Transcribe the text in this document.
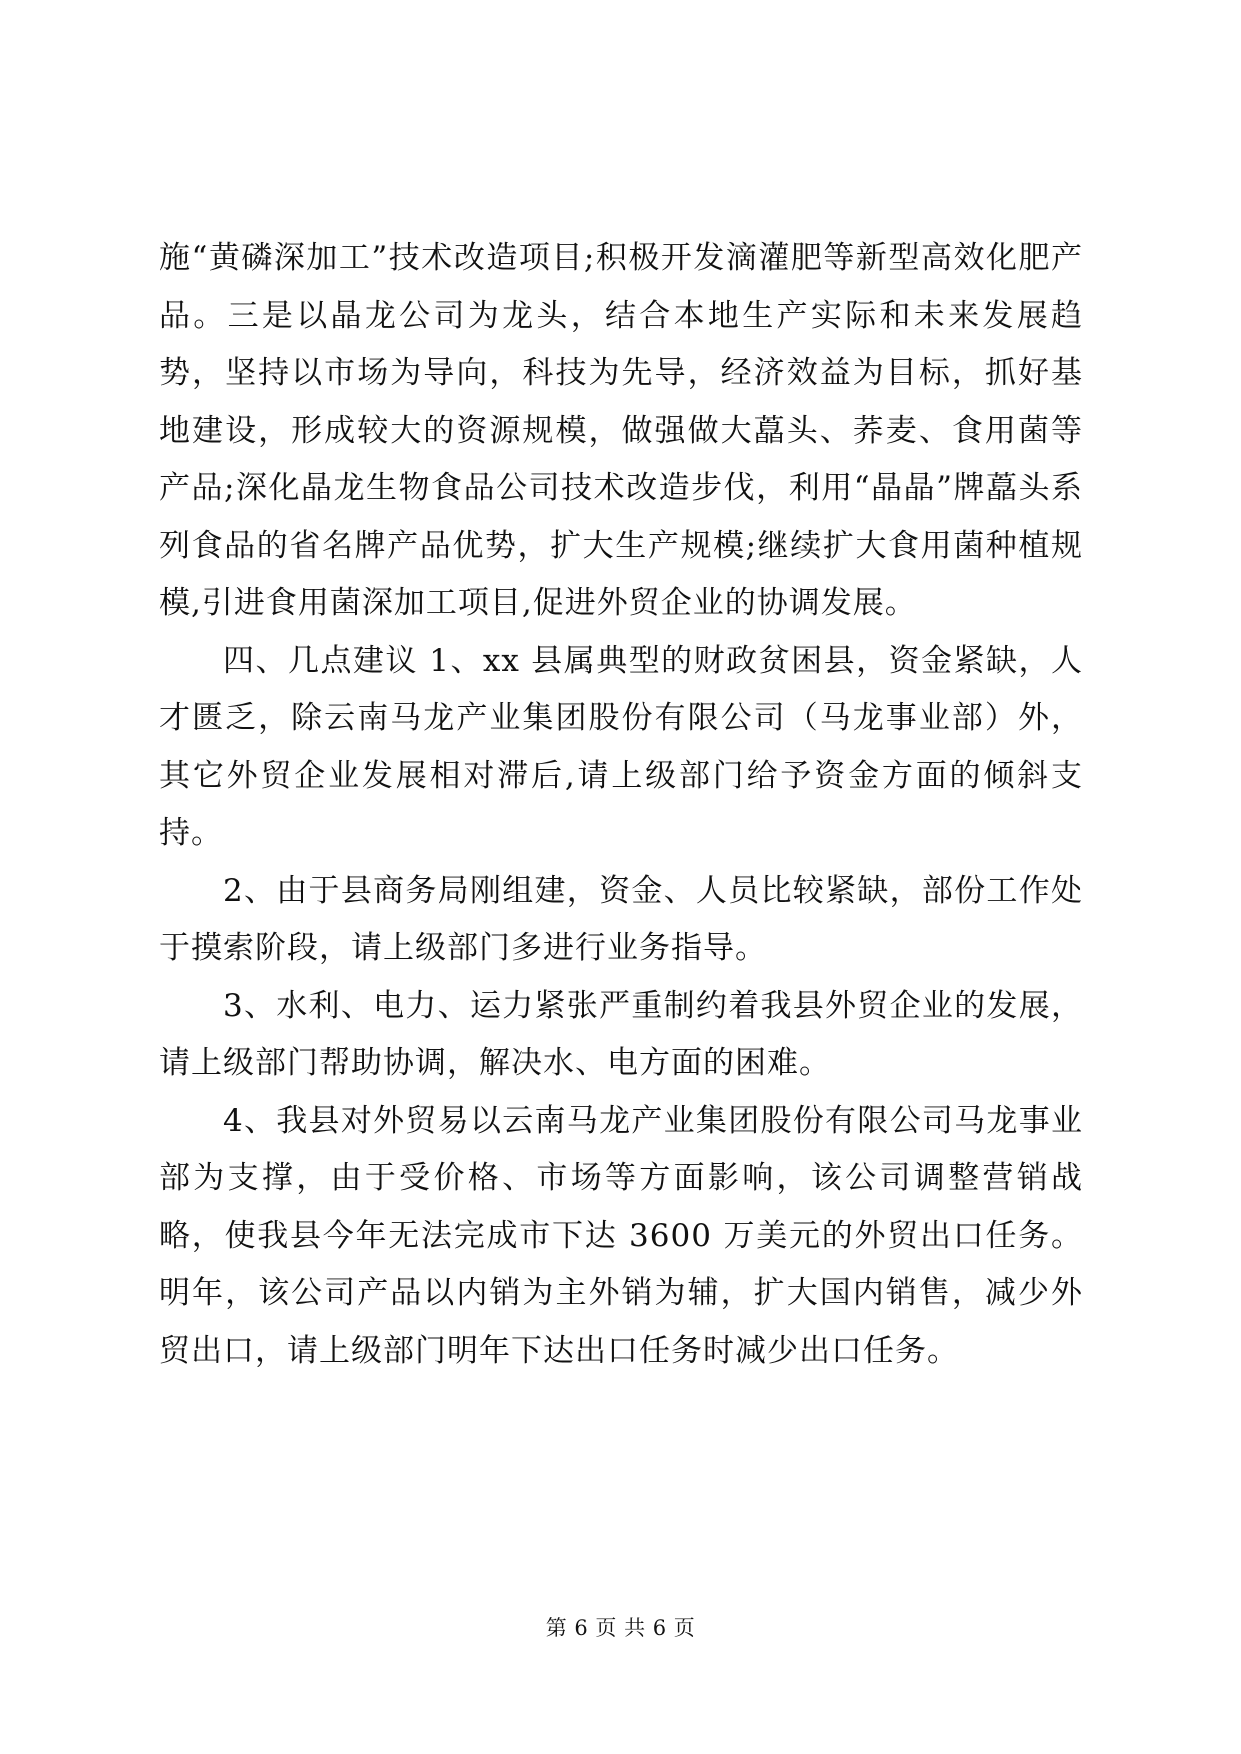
施“黄磷深加工”技术改造项目;积极开发滴灌肥等新型高效化肥产品。三是以晶龙公司为龙头，结合本地生产实际和未来发展趋势，坚持以市场为导向，科技为先导，经济效益为目标，抓好基地建设，形成较大的资源规模，做强做大藠头、荞麦、食用菌等产品;深化晶龙生物食品公司技术改造步伐，利用“晶晶”牌藠头系列食品的省名牌产品优势，扩大生产规模;继续扩大食用菌种植规模,引进食用菌深加工项目,促进外贸企业的协调发展。

四、几点建议 1、xx 县属典型的财政贫困县，资金紧缺，人才匮乏，除云南马龙产业集团股份有限公司（马龙事业部）外，其它外贸企业发展相对滞后,请上级部门给予资金方面的倾斜支持。

2、由于县商务局刚组建，资金、人员比较紧缺，部份工作处于摸索阶段，请上级部门多进行业务指导。

3、水利、电力、运力紧张严重制约着我县外贸企业的发展，请上级部门帮助协调，解决水、电方面的困难。

4、我县对外贸易以云南马龙产业集团股份有限公司马龙事业部为支撑，由于受价格、市场等方面影响，该公司调整营销战略，使我县今年无法完成市下达 3600 万美元的外贸出口任务。明年，该公司产品以内销为主外销为辅，扩大国内销售，减少外贸出口，请上级部门明年下达出口任务时减少出口任务。

第 6 页 共 6 页
